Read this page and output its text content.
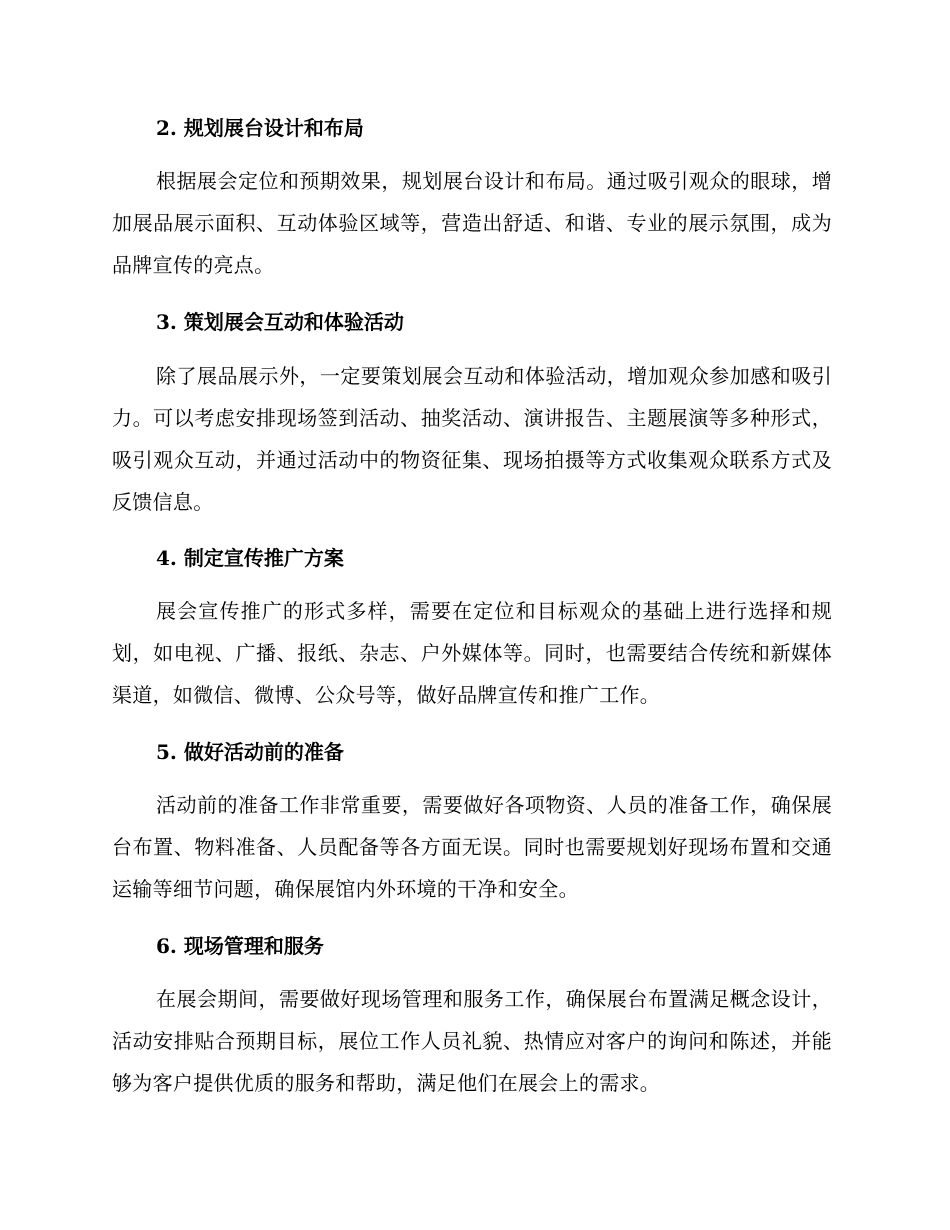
2. 规划展台设计和布局
根据展会定位和预期效果，规划展台设计和布局。通过吸引观众的眼球，增加展品展示面积、互动体验区域等，营造出舒适、和谐、专业的展示氛围，成为品牌宣传的亮点。
3. 策划展会互动和体验活动
除了展品展示外，一定要策划展会互动和体验活动，增加观众参加感和吸引力。可以考虑安排现场签到活动、抽奖活动、演讲报告、主题展演等多种形式，吸引观众互动，并通过活动中的物资征集、现场拍摄等方式收集观众联系方式及反馈信息。
4. 制定宣传推广方案
展会宣传推广的形式多样，需要在定位和目标观众的基础上进行选择和规划，如电视、广播、报纸、杂志、户外媒体等。同时，也需要结合传统和新媒体渠道，如微信、微博、公众号等，做好品牌宣传和推广工作。
5. 做好活动前的准备
活动前的准备工作非常重要，需要做好各项物资、人员的准备工作，确保展台布置、物料准备、人员配备等各方面无误。同时也需要规划好现场布置和交通运输等细节问题，确保展馆内外环境的干净和安全。
6. 现场管理和服务
在展会期间，需要做好现场管理和服务工作，确保展台布置满足概念设计，活动安排贴合预期目标，展位工作人员礼貌、热情应对客户的询问和陈述，并能够为客户提供优质的服务和帮助，满足他们在展会上的需求。
